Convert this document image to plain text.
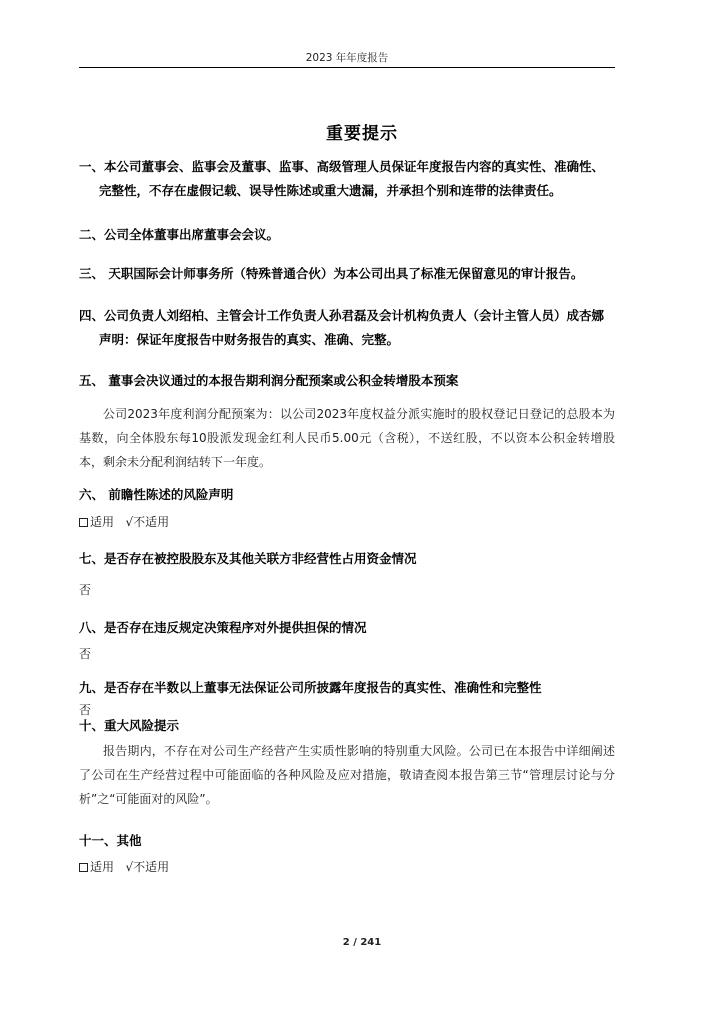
2023 年年度报告
重要提示
一、本公司董事会、监事会及董事、监事、高级管理人员保证年度报告内容的真实性、准确性、
完整性，不存在虚假记载、误导性陈述或重大遗漏，并承担个别和连带的法律责任。
二、公司全体董事出席董事会会议。
三、 天职国际会计师事务所（特殊普通合伙）为本公司出具了标准无保留意见的审计报告。
四、公司负责人刘绍柏、主管会计工作负责人孙君磊及会计机构负责人（会计主管人员）成杏娜
声明：保证年度报告中财务报告的真实、准确、完整。
五、 董事会决议通过的本报告期利润分配预案或公积金转增股本预案
公司2023年度利润分配预案为：以公司2023年度权益分派实施时的股权登记日登记的总股本为基数，向全体股东每10股派发现金红利人民币5.00元（含税），不送红股，不以资本公积金转增股本，剩余未分配利润结转下一年度。
六、 前瞻性陈述的风险声明
适用 √不适用
七、是否存在被控股股东及其他关联方非经营性占用资金情况
否
八、是否存在违反规定决策程序对外提供担保的情况
否
九、是否存在半数以上董事无法保证公司所披露年度报告的真实性、准确性和完整性
否
十、重大风险提示
报告期内，不存在对公司生产经营产生实质性影响的特别重大风险。公司已在本报告中详细阐述了公司在生产经营过程中可能面临的各种风险及应对措施，敬请查阅本报告第三节“管理层讨论与分析”之“可能面对的风险”。
十一、其他
适用 √不适用
2 / 241
